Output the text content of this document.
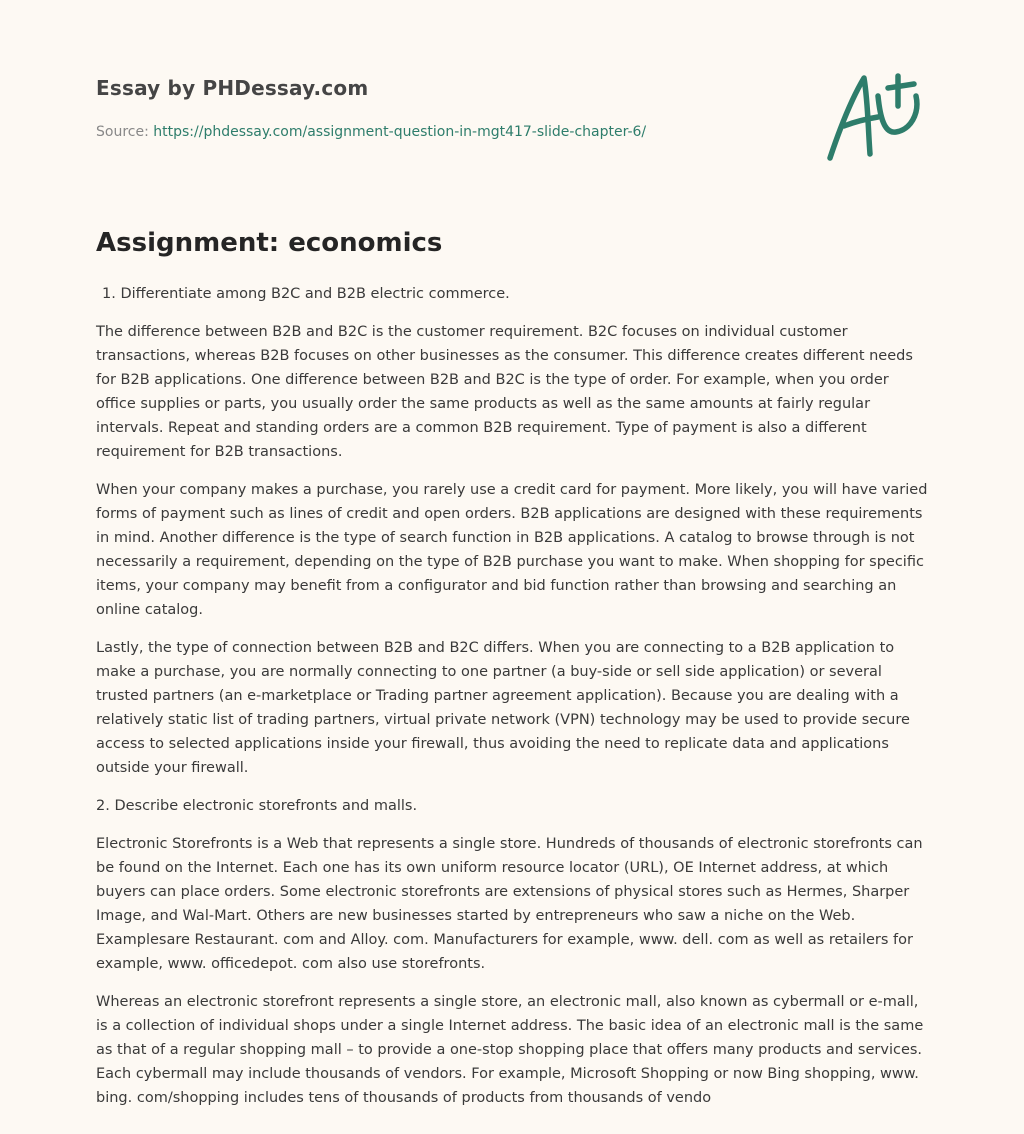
Essay by PHDessay.com
Source: https://phdessay.com/assignment-question-in-mgt417-slide-chapter-6/
Assignment: economics

1. Differentiate among B2C and B2B electric commerce.

The difference between B2B and B2C is the customer requirement. B2C focuses on individual customer transactions, whereas B2B focuses on other businesses as the consumer. This difference creates different needs for B2B applications. One difference between B2B and B2C is the type of order. For example, when you order office supplies or parts, you usually order the same products as well as the same amounts at fairly regular intervals. Repeat and standing orders are a common B2B requirement. Type of payment is also a different requirement for B2B transactions.

When your company makes a purchase, you rarely use a credit card for payment. More likely, you will have varied forms of payment such as lines of credit and open orders. B2B applications are designed with these requirements in mind. Another difference is the type of search function in B2B applications. A catalog to browse through is not necessarily a requirement, depending on the type of B2B purchase you want to make. When shopping for specific items, your company may benefit from a configurator and bid function rather than browsing and searching an online catalog.

Lastly, the type of connection between B2B and B2C differs. When you are connecting to a B2B application to make a purchase, you are normally connecting to one partner (a buy-side or sell side application) or several trusted partners (an e-marketplace or Trading partner agreement application). Because you are dealing with a relatively static list of trading partners, virtual private network (VPN) technology may be used to provide secure access to selected applications inside your firewall, thus avoiding the need to replicate data and applications outside your firewall.

2. Describe electronic storefronts and malls.

Electronic Storefronts is a Web that represents a single store. Hundreds of thousands of electronic storefronts can be found on the Internet. Each one has its own uniform resource locator (URL), OE Internet address, at which buyers can place orders. Some electronic storefronts are extensions of physical stores such as Hermes, Sharper Image, and Wal-Mart. Others are new businesses started by entrepreneurs who saw a niche on the Web. Examplesare Restaurant. com and Alloy. com. Manufacturers for example, www. dell. com as well as retailers for example, www. officedepot. com also use storefronts.

Whereas an electronic storefront represents a single store, an electronic mall, also known as cybermall or e-mall, is a collection of individual shops under a single Internet address. The basic idea of an electronic mall is the same as that of a regular shopping mall – to provide a one-stop shopping place that offers many products and services. Each cybermall may include thousands of vendors. For example, Microsoft Shopping or now Bing shopping, www. bing. com/shopping includes tens of thousands of products from thousands of vendo
